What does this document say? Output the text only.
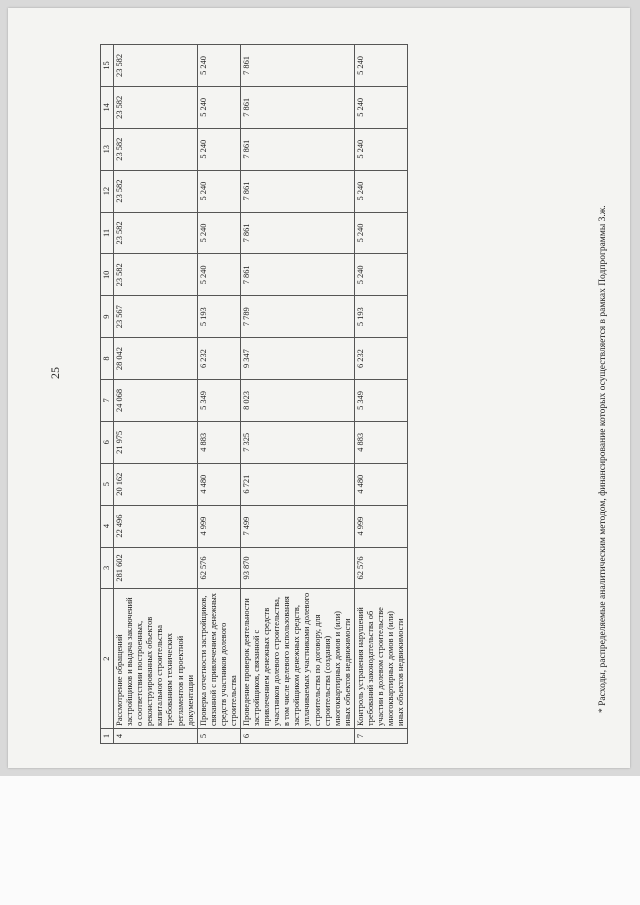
25
1	2	3	4	5	6	7	8	9	10	11	12	13	14	15
4	Рассмотрение обращений застройщиков и выдача заключений о соответствии построенных, реконструированных объектов капитального строительства требованиям технических регламентов и проектной документации	281 602	22 496	20 162	21 975	24 068	28 042	23 567	23 582	23 582	23 582	23 582	23 582	23 582
5	Проверка отчетности застройщиков, связанной с привлечением денежных средств участников долевого строительства	62 576	4 999	4 480	4 883	5 349	6 232	5 193	5 240	5 240	5 240	5 240	5 240	5 240
6	Проведение проверок деятельности застройщиков, связанной с привлечением денежных средств участников долевого строительства, в том числе целевого использования застройщиком денежных средств, уплачиваемых участниками долевого строительства по договору, для строительства (создания) многоквартирных домов и (или) иных объектов недвижимости	93 870	7 499	6 721	7 325	8 023	9 347	7 789	7 861	7 861	7 861	7 861	7 861	7 861
7	Контроль устранения нарушений требований законодательства об участии в долевом строительстве многоквартирных домов и (или) иных объектов недвижимости	62 576	4 999	4 480	4 883	5 349	6 232	5 193	5 240	5 240	5 240	5 240	5 240	5 240
* Расходы, распределяемые аналитическим методом, финансирование которых осуществляется в рамках Подпрограммы 3.ж.
